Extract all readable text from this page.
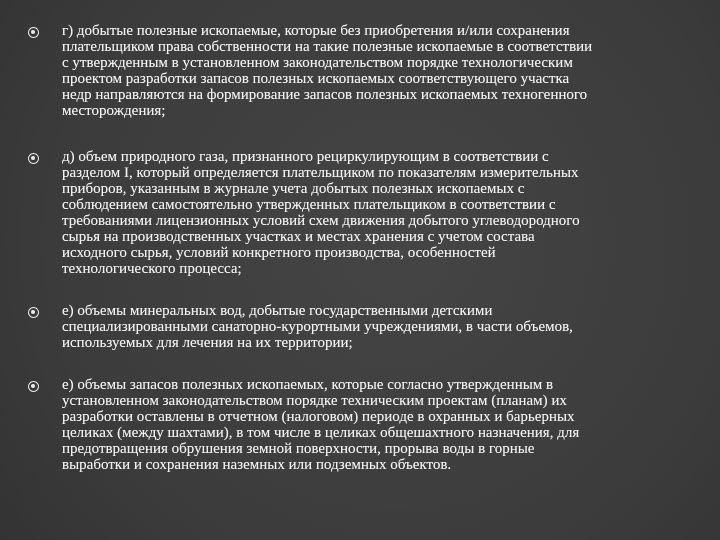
г) добытые полезные ископаемые, которые без приобретения и/или сохранения
плательщиком права собственности на такие полезные ископаемые в соответствии
с утвержденным в установленном законодательством порядке технологическим
проектом разработки запасов полезных ископаемых соответствующего участка
недр направляются на формирование запасов полезных ископаемых техногенного
месторождения;

д) объем природного газа, признанного рециркулирующим в соответствии с
разделом I, который определяется плательщиком по показателям измерительных
приборов, указанным в журнале учета добытых полезных ископаемых с
соблюдением самостоятельно утвержденных плательщиком в соответствии с
требованиями лицензионных условий схем движения добытого углеводородного
сырья на производственных участках и местах хранения с учетом состава
исходного сырья, условий конкретного производства, особенностей
технологического процесса;

е) объемы минеральных вод, добытые государственными детскими
специализированными санаторно-курортными учреждениями, в части объемов,
используемых для лечения на их территории;

е) объемы запасов полезных ископаемых, которые согласно утвержденным в
установленном законодательством порядке техническим проектам (планам) их
разработки оставлены в отчетном (налоговом) периоде в охранных и барьерных
целиках (между шахтами), в том числе в целиках общешахтного назначения, для
предотвращения обрушения земной поверхности, прорыва воды в горные
выработки и сохранения наземных или подземных объектов.
